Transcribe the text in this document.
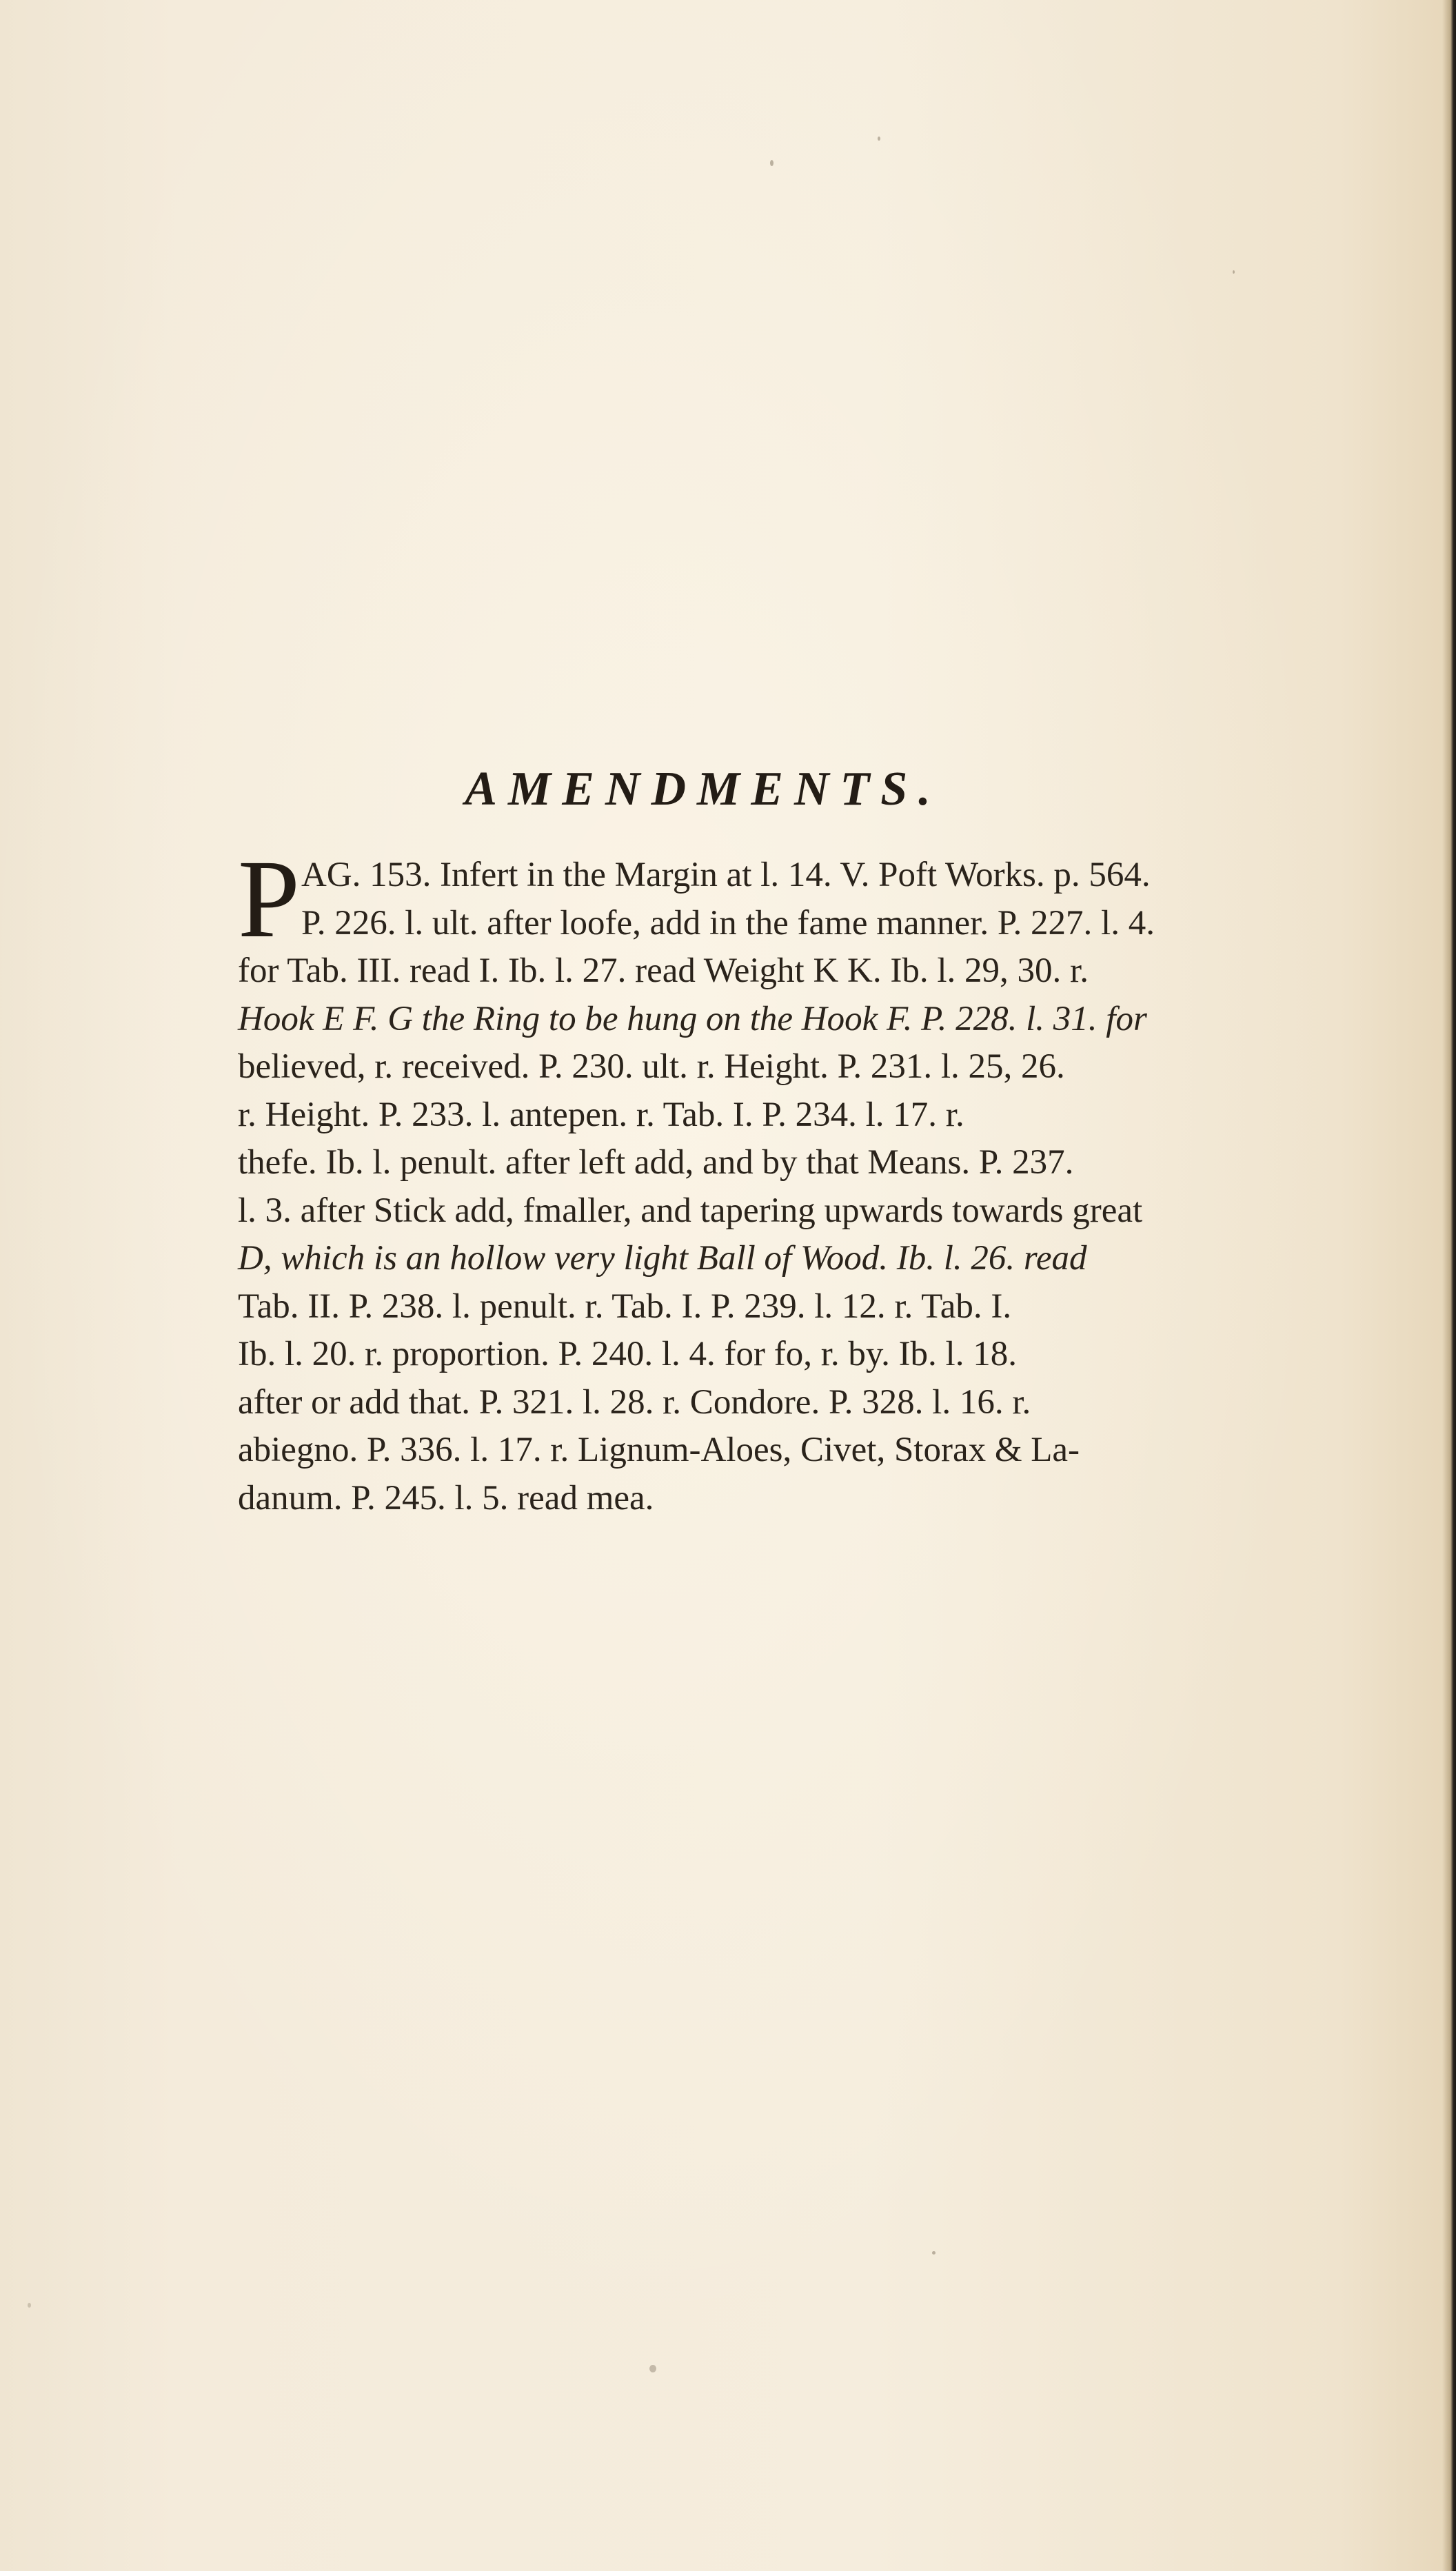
AMENDMENTS.
P AG. 153. Infert in the Margin at l. 14. V. Poft Works. p. 564.
P. 226. l. ult. after loofe, add in the fame manner. P. 227. l. 4.
for Tab. III. read I. Ib. l. 27. read Weight K K. Ib. l. 29, 30. r.
Hook E F. G the Ring to be hung on the Hook F. P. 228. l. 31. for
believed, r. received. P. 230. ult. r. Height. P. 231. l. 25, 26.
r. Height. P. 233. l. antepen. r. Tab. I. P. 234. l. 17. r.
thefe. Ib. l. penult. after left add, and by that Means. P. 237.
l. 3. after Stick add, fmaller, and tapering upwards towards great
D, which is an hollow very light Ball of Wood. Ib. l. 26. read
Tab. II. P. 238. l. penult. r. Tab. I. P. 239. l. 12. r. Tab. I.
Ib. l. 20. r. proportion. P. 240. l. 4. for fo, r. by. Ib. l. 18.
after or add that. P. 321. l. 28. r. Condore. P. 328. l. 16. r.
abiegno. P. 336. l. 17. r. Lignum-Aloes, Civet, Storax & La-
danum. P. 245. l. 5. read mea.
